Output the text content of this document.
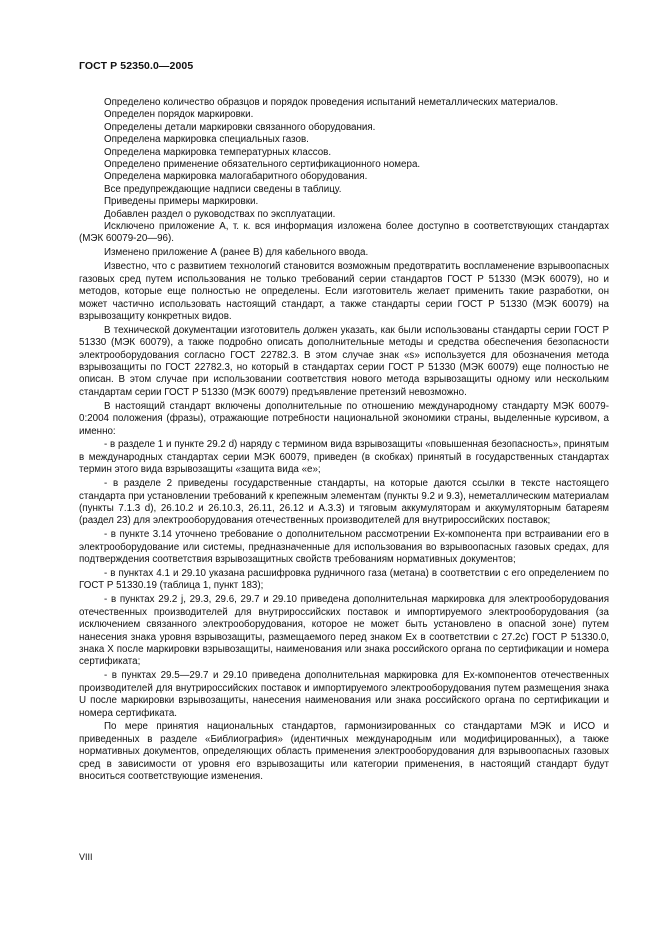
ГОСТ Р 52350.0—2005

Определено количество образцов и порядок проведения испытаний неметаллических материалов.

Определен порядок маркировки.

Определены детали маркировки связанного оборудования.

Определена маркировка специальных газов.

Определена маркировка температурных классов.

Определено применение обязательного сертификационного номера.

Определена маркировка малогабаритного оборудования.

Все предупреждающие надписи сведены в таблицу.

Приведены примеры маркировки.

Добавлен раздел о руководствах по эксплуатации.

Исключено приложение А, т. к. вся информация изложена более доступно в соответствующих стандартах (МЭК 60079-20—96).

Изменено приложение А (ранее В) для кабельного ввода.

Известно, что с развитием технологий становится возможным предотвратить воспламенение взрывоопасных газовых сред путем использования не только требований серии стандартов ГОСТ Р 51330 (МЭК 60079), но и методов, которые еще полностью не определены. Если изготовитель желает применить такие разработки, он может частично использовать настоящий стандарт, а также стандарты серии ГОСТ Р 51330 (МЭК 60079) на взрывозащиту конкретных видов.

В технической документации изготовитель должен указать, как были использованы стандарты серии ГОСТ Р 51330 (МЭК 60079), а также подробно описать дополнительные методы и средства обеспечения безопасности электрооборудования согласно ГОСТ 22782.3. В этом случае знак «s» используется для обозначения метода взрывозащиты по ГОСТ 22782.3, но который в стандартах серии ГОСТ Р 51330 (МЭК 60079) еще полностью не описан. В этом случае при использовании соответствия нового метода взрывозащиты одному или нескольким стандартам серии ГОСТ Р 51330 (МЭК 60079) предъявление претензий невозможно.

В настоящий стандарт включены дополнительные по отношению международному стандарту МЭК 60079-0:2004 положения (фразы), отражающие потребности национальной экономики страны, выделенные курсивом, а именно:

- в разделе 1 и пункте 29.2 d) наряду с термином вида взрывозащиты «повышенная безопасность», принятым в международных стандартах серии МЭК 60079, приведен (в скобках) принятый в государственных стандартах термин этого вида взрывозащиты «защита вида «е»;

- в разделе 2 приведены государственные стандарты, на которые даются ссылки в тексте настоящего стандарта при установлении требований к крепежным элементам (пункты 9.2 и 9.3), неметаллическим материалам (пункты 7.1.3 d), 26.10.2 и 26.10.3, 26.11, 26.12 и А.3.3) и тяговым аккумуляторам и аккумуляторным батареям (раздел 23) для электрооборудования отечественных производителей для внутрироссийских поставок;

- в пункте 3.14 уточнено требование о дополнительном рассмотрении Ex-компонента при встраивании его в электрооборудование или системы, предназначенные для использования во взрывоопасных газовых средах, для подтверждения соответствия взрывозащитных свойств требованиям нормативных документов;

- в пунктах 4.1 и 29.10 указана расшифровка рудничного газа (метана) в соответствии с его определением по ГОСТ Р 51330.19 (таблица 1, пункт 183);

- в пунктах 29.2 j, 29.3, 29.6, 29.7 и 29.10 приведена дополнительная маркировка для электрооборудования отечественных производителей для внутрироссийских поставок и импортируемого электрооборудования (за исключением связанного электрооборудования, которое не может быть установлено в опасной зоне) путем нанесения знака уровня взрывозащиты, размещаемого перед знаком Ex в соответствии с 27.2c) ГОСТ Р 51330.0, знака X после маркировки взрывозащиты, наименования или знака российского органа по сертификации и номера сертификата;

- в пунктах 29.5—29.7 и 29.10 приведена дополнительная маркировка для Ex-компонентов отечественных производителей для внутрироссийских поставок и импортируемого электрооборудования путем размещения знака U после маркировки взрывозащиты, нанесения наименования или знака российского органа по сертификации и номера сертификата.

По мере принятия национальных стандартов, гармонизированных со стандартами МЭК и ИСО и приведенных в разделе «Библиография» (идентичных международным или модифицированных), а также нормативных документов, определяющих область применения электрооборудования для взрывоопасных газовых сред в зависимости от уровня его взрывозащиты или категории применения, в настоящий стандарт будут вноситься соответствующие изменения.

VIII
